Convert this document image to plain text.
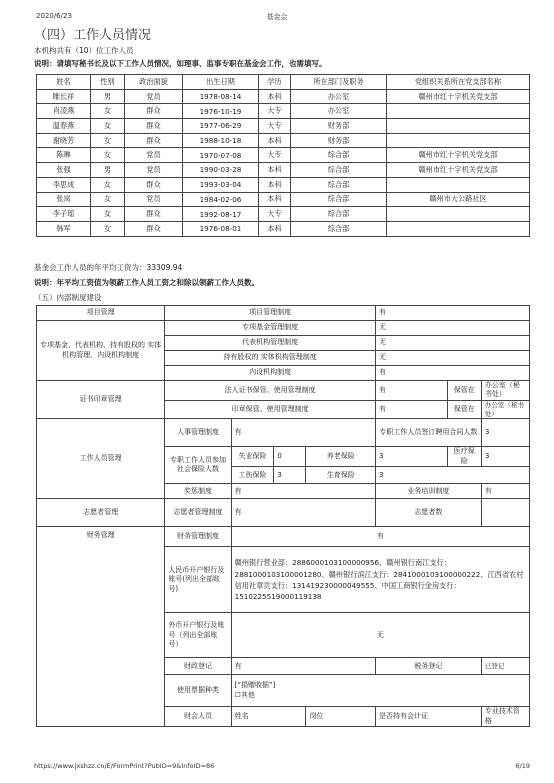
2020/6/23	基金会
（四）工作人员情况
本机构共有（10）位工作人员
说明：请填写秘书长及以下工作人员情况，如理事、监事专职在基金会工作，也需填写。
姓名	性别	政治面貌	出生日期	学历	所在部门及职务	党组织关系所在党支部名称
睢长祥	男	党员	1978-08-14	本科	办公室	赣州市红十字机关党支部
肖凌燕	女	群众	1976-10-19	大专	办公室	
温春燕	女	群众	1977-06-29	大专	财务部	
谢晓芳	女	群众	1988-10-18	本科	财务部	
陈琳	女	党员	1970-07-08	大专	综合部	赣州市红十字机关党支部
张强	男	党员	1990-03-28	本科	综合部	赣州市红十字机关党支部
李思成	女	群众	1993-03-04	本科	综合部	
张岚	女	党员	1984-02-06	本科	综合部	赣州市大公路社区
李子瑶	女	群众	1992-08-17	大专	综合部	
韩军	女	群众	1976-08-01	本科	综合部	
基金会工作人员的年平均工资为：33309.94
说明：年平均工资值为领薪工作人员工资之和除以领薪工作人员数。
（五）内部制度建设
项目管理	项目管理制度				有		
专项基金、代表机构、持有股权的 实体机构管理、内设机构制度	专项基金管理制度				无		
	代表机构管理制度				无		
	持有股权的 实体机构管理制度				无		
	内设机构制度				有		
证书印章管理	法人证书保管、使用管理制度				有	保管在	办公室（秘书处）
	印章保管、使用管理制度				有	保管在	办公室（秘书处）
工作人员管理	人事管理制度	有			专职工作人员签订聘用合同人数		3
	专职工作人员参加社会保险人数	失业保险	0	养老保险	3	医疗保险	3
		工伤保险	3	生育保险	3		
	奖惩制度	有			业务培训制度		有
志愿者管理	志愿者管理制度	有			志愿者数		
财务管理	财务管理制度	有					
	人民币开户银行及账号(列出全部账号)	赣州银行营业部：2886000103100000956、赣州银行南江支行：2881000103100001280、赣州银行滨江支行：2841000103100000222、江西省农村信用社章贡支行：131419230000049555、中国工商银行金房支行：1510225519000119138					
	外币开户银行及账号（列出全部账号）	无					
	财政登记	有			税务登记		已登记
	使用票据种类	[“捐赠收据”]
☐其他					

	财会人员	姓名		岗位	是否持有会计证		专业技术资格
https://www.jxshzz.cn/E/FormPrint?PubID=9&InfoID=86	6/19
